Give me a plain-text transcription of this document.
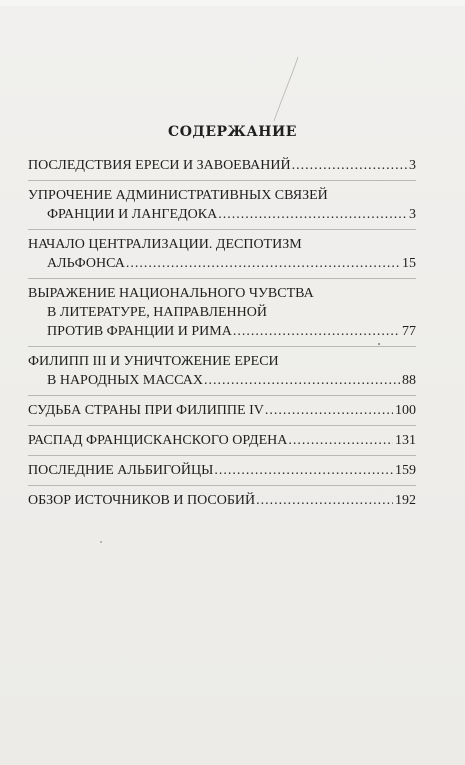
СОДЕРЖАНИЕ
ПОСЛЕДСТВИЯ ЕРЕСИ И ЗАВОЕВАНИЙ .....	3
УПРОЧЕНИЕ АДМИНИСТРАТИВНЫХ СВЯЗЕЙ
ФРАНЦИИ И ЛАНГЕДОКА .....	3
НАЧАЛО ЦЕНТРАЛИЗАЦИИ. ДЕСПОТИЗМ
АЛЬФОНСА .....	15
ВЫРАЖЕНИЕ НАЦИОНАЛЬНОГО ЧУВСТВА
В ЛИТЕРАТУРЕ, НАПРАВЛЕННОЙ
ПРОТИВ ФРАНЦИИ И РИМА .....	77
ФИЛИПП III И УНИЧТОЖЕНИЕ ЕРЕСИ
В НАРОДНЫХ МАССАХ .....	88
СУДЬБА СТРАНЫ ПРИ ФИЛИППЕ IV .....	100
РАСПАД ФРАНЦИСКАНСКОГО ОРДЕНА .....	131
ПОСЛЕДНИЕ АЛЬБИГОЙЦЫ .....	159
ОБЗОР ИСТОЧНИКОВ И ПОСОБИЙ .....	192
